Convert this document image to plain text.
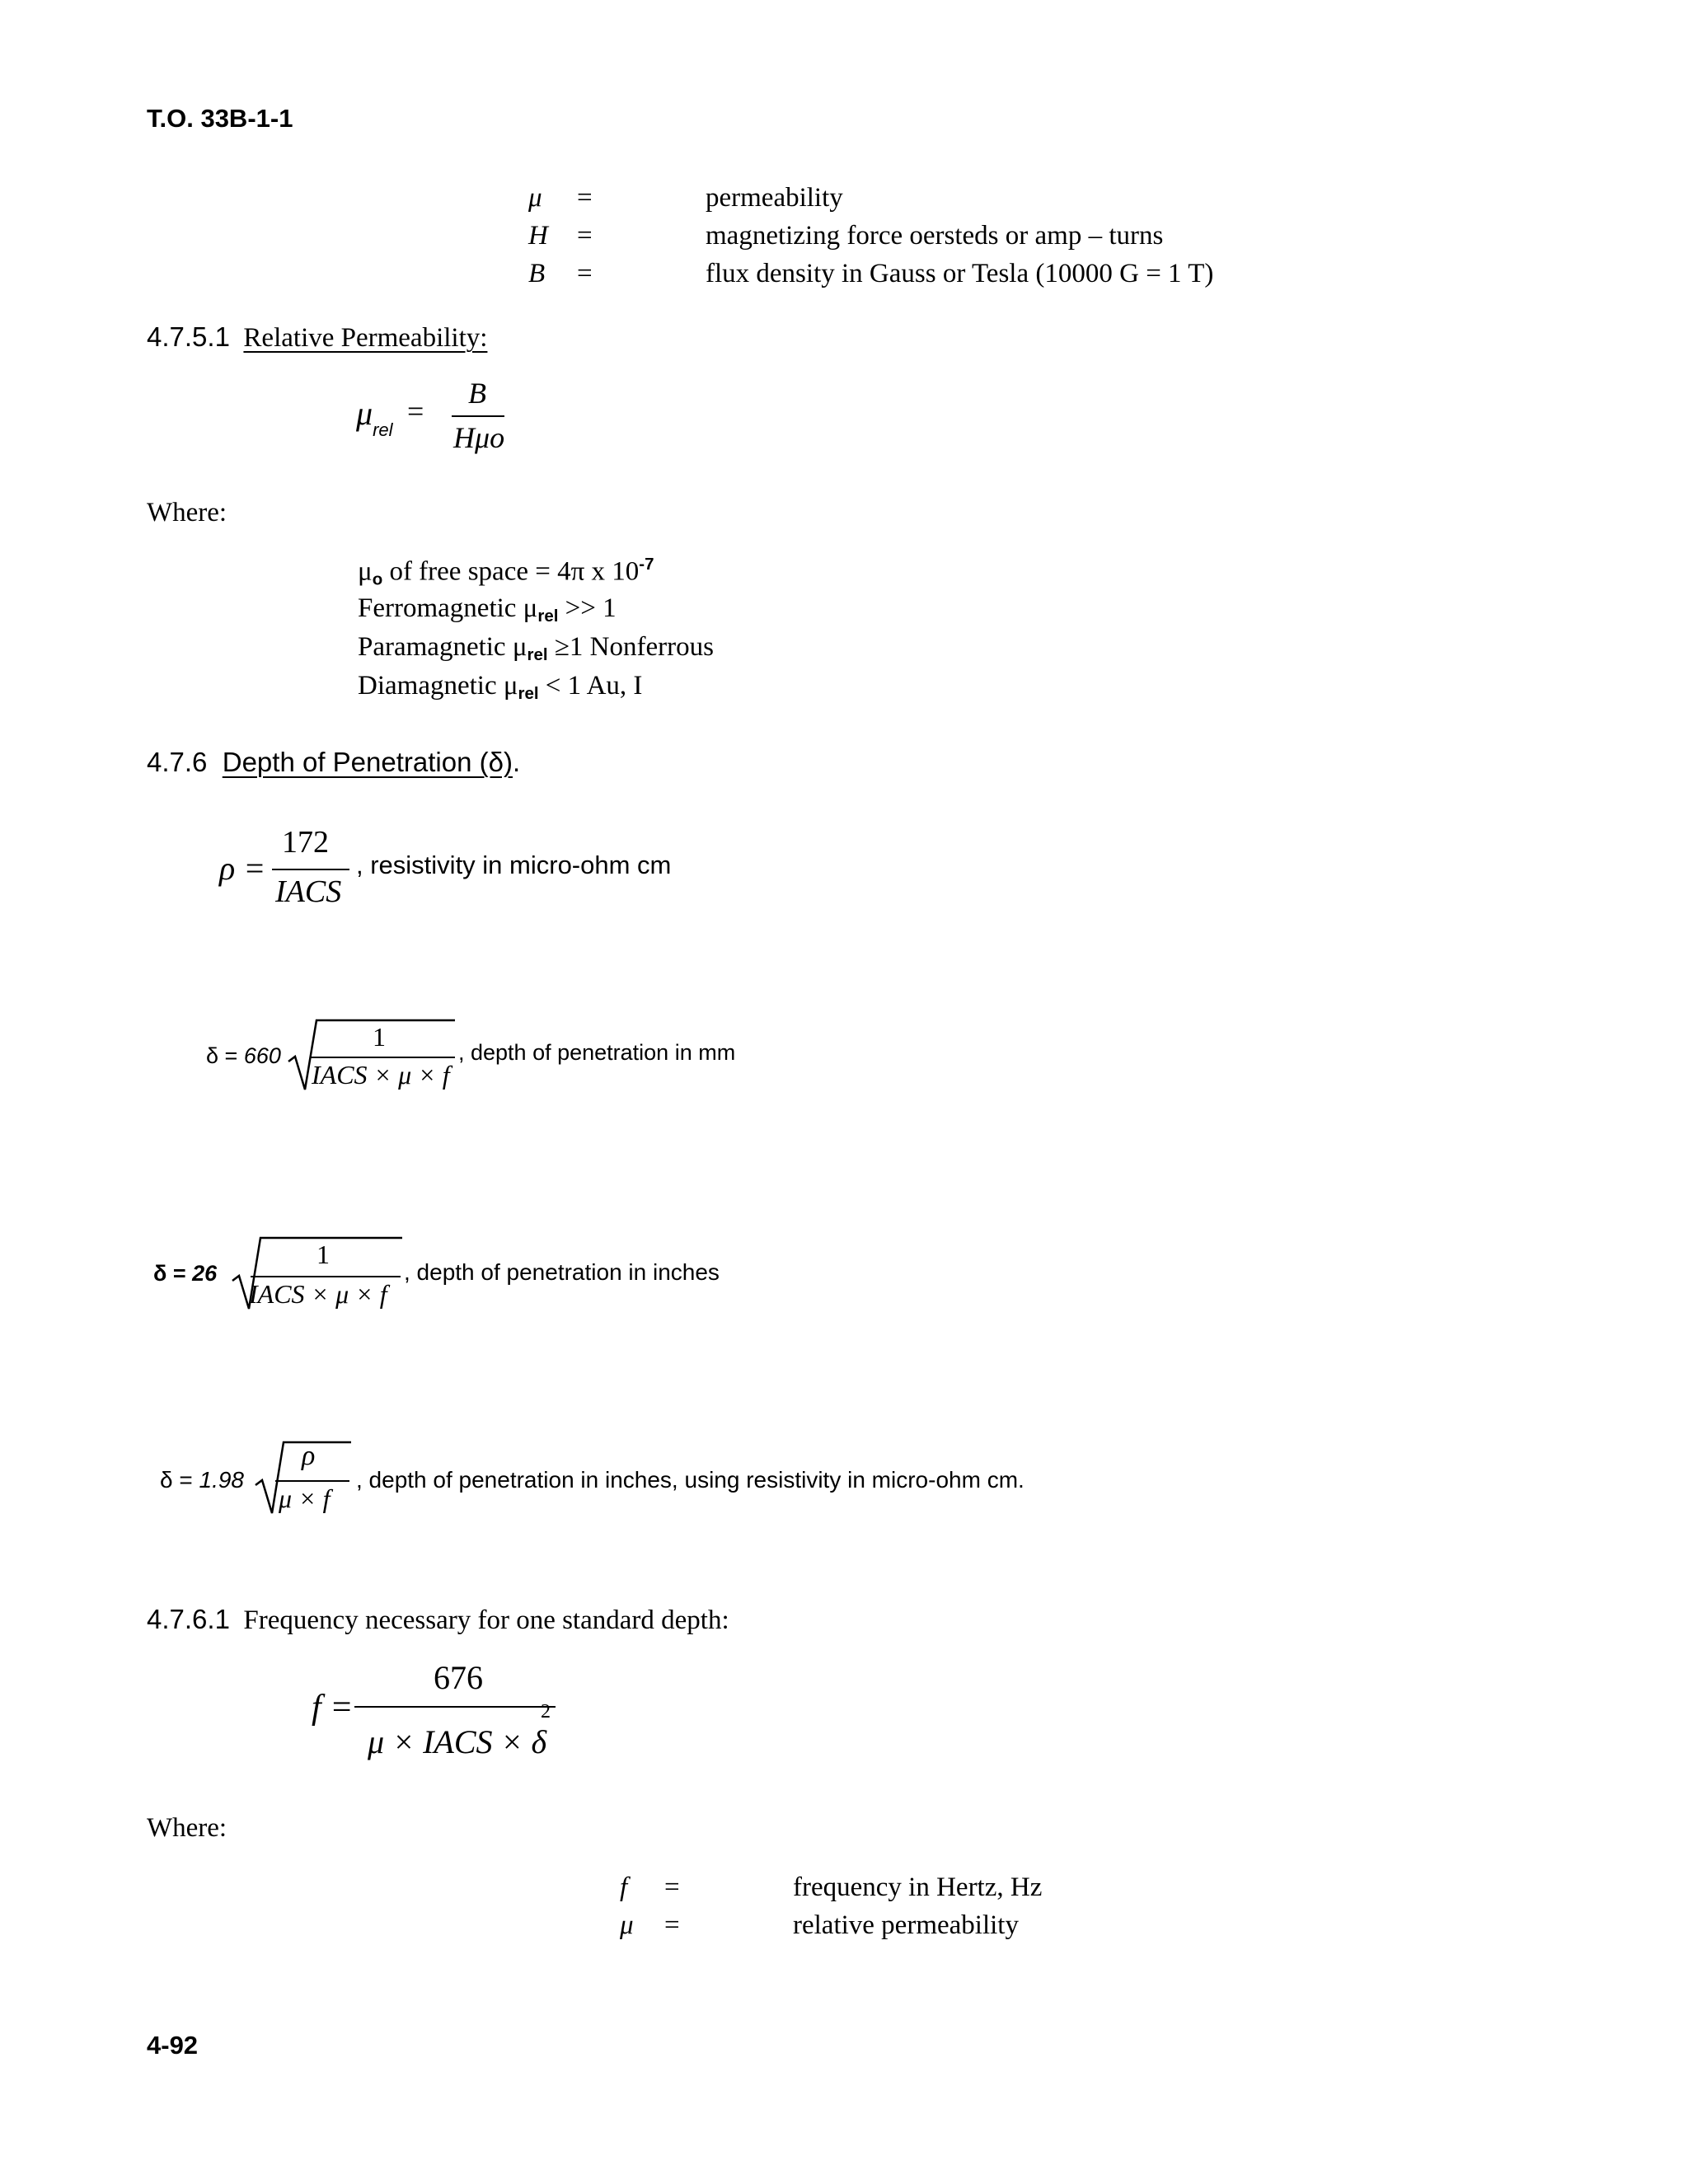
T.O. 33B-1-1
μ =	permeability
H =	magnetizing force oersteds or amp – turns
B =	flux density in Gauss or Tesla (10000 G = 1 T)
4.7.5.1 Relative Permeability:
$\mu_{rel}$
=
B
Hμo
Where:
$\mu_o$ of free space = 4π x $10^{-7}$
Ferromagnetic $\mu_{rel} >> 1$
Paramagnetic $\mu_{rel} \ge 1$ Nonferrous
Diamagnetic $\mu_{rel} < 1$ Au, I
4.7.6 Depth of Penetration (δ).
ρ =
172
IACS
, resistivity in micro-ohm cm
δ = 660
1
IACS × μ × f
, depth of penetration in mm
δ = 26
1
IACS × μ × f
, depth of penetration in inches
δ = 1.98
ρ
μ × f
, depth of penetration in inches, using resistivity in micro-ohm cm.
4.7.6.1 Frequency necessary for one standard depth:
f =
676
μ × IACS × δ
2
Where:
f =	frequency in Hertz, Hz
μ =	relative permeability
4-92
